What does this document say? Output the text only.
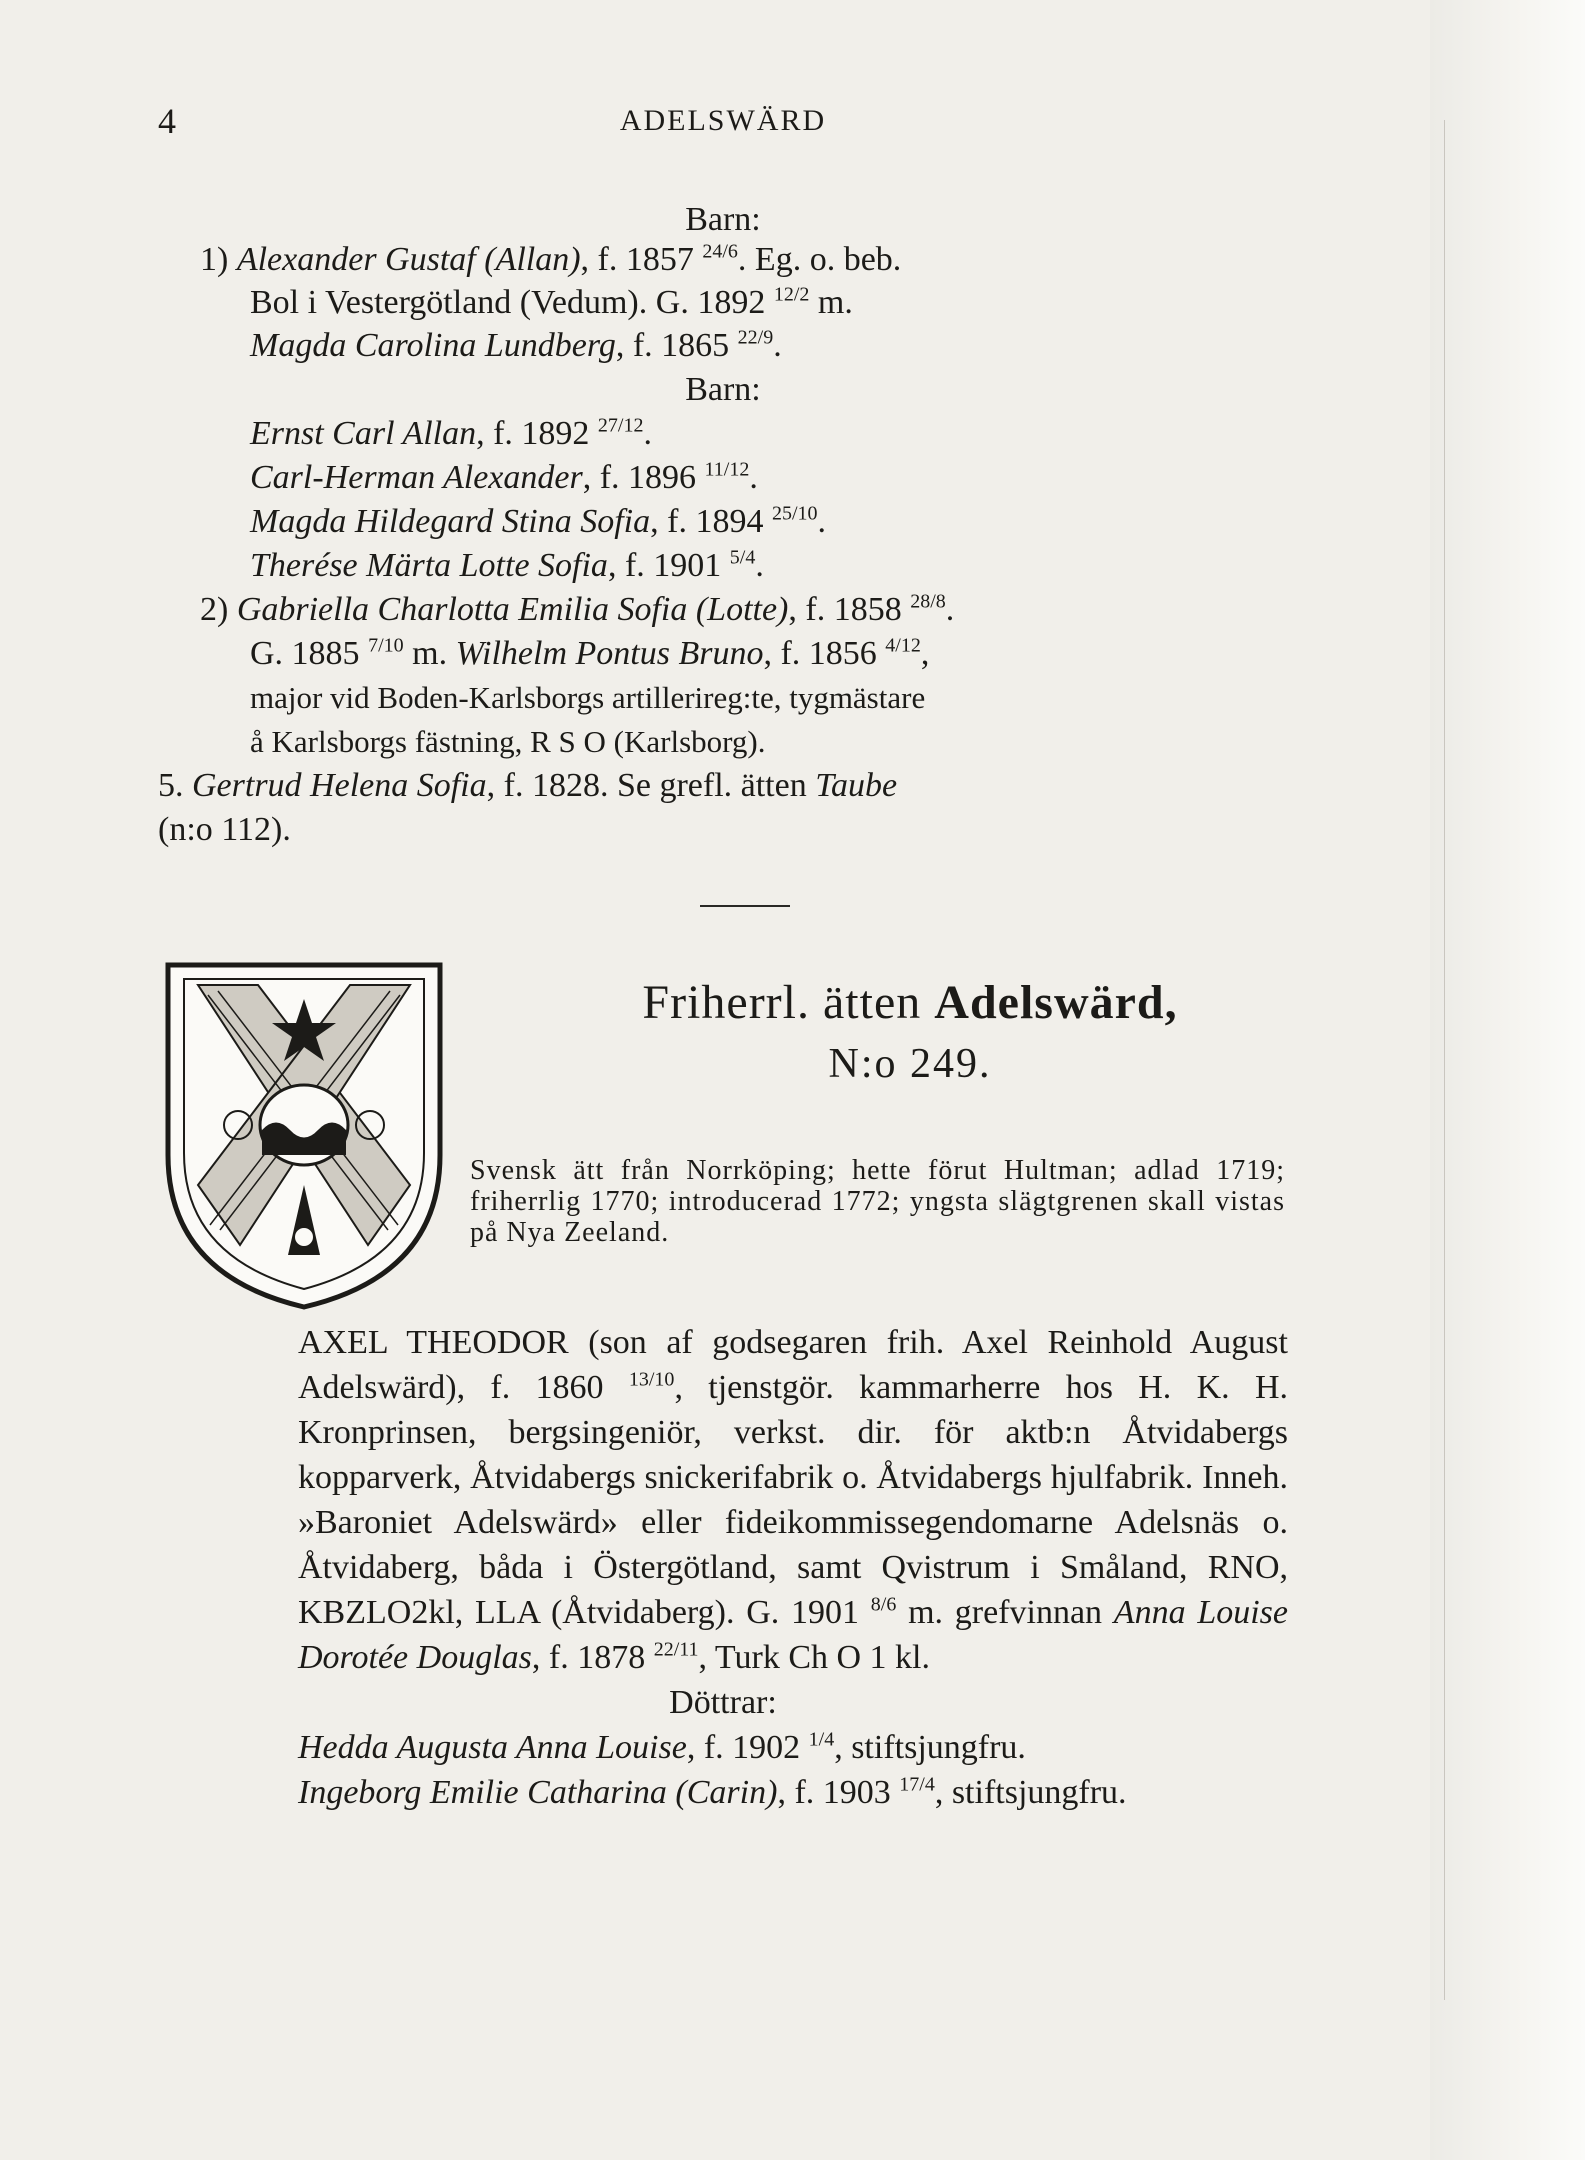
4	ADELSWÄRD
Barn:
1) Alexander Gustaf (Allan), f. 1857 $^{24/6}$. Eg. o. beb.
Bol i Vestergötland (Vedum). G. 1892 $^{12/2}$ m.
Magda Carolina Lundberg, f. 1865 $^{22/9}$.
Barn:
Ernst Carl Allan, f. 1892 $^{27/12}$.
Carl-Herman Alexander, f. 1896 $^{11/12}$.
Magda Hildegard Stina Sofia, f. 1894 $^{25/10}$.
Therése Märta Lotte Sofia, f. 1901 $^{5/4}$.
2) Gabriella Charlotta Emilia Sofia (Lotte), f. 1858 $^{28/8}$.
G. 1885 $^{7/10}$ m. Wilhelm Pontus Bruno, f. 1856 $^{4/12}$,
major vid Boden-Karlsborgs artillerireg:te, tygmästare
å Karlsborgs fästning, R S O (Karlsborg).
5. Gertrud Helena Sofia, f. 1828. Se grefl. ätten Taube
(n:o 112).
Friherrl. ätten Adelswärd,
N:o 249.
Svensk ätt från Norrköping; hette förut Hultman; adlad 1719; friherrlig 1770; introducerad 1772; yngsta slägtgrenen skall vistas på Nya Zeeland.
AXEL THEODOR (son af godsegaren frih. Axel Reinhold August Adelswärd), f. 1860 $^{13/10}$, tjenstgör. kammarherre hos H. K. H. Kronprinsen, bergsingeniör, verkst. dir. för aktb:n Åtvidabergs kopparverk, Åtvidabergs snickerifabrik o. Åtvidabergs hjulfabrik. Inneh. »Baroniet Adelswärd» eller fideikommissegendomarne Adelsnäs o. Åtvidaberg, båda i Östergötland, samt Qvistrum i Småland, RNO, KBZLO2kl, LLA (Åtvidaberg). G. 1901 $^{8/6}$ m. grefvinnan Anna Louise Dorotée Douglas, f. 1878 $^{22/11}$, Turk Ch O 1 kl.
Döttrar:
Hedda Augusta Anna Louise, f. 1902 $^{1/4}$, stiftsjungfru.
Ingeborg Emilie Catharina (Carin), f. 1903 $^{17/4}$, stiftsjungfru.
